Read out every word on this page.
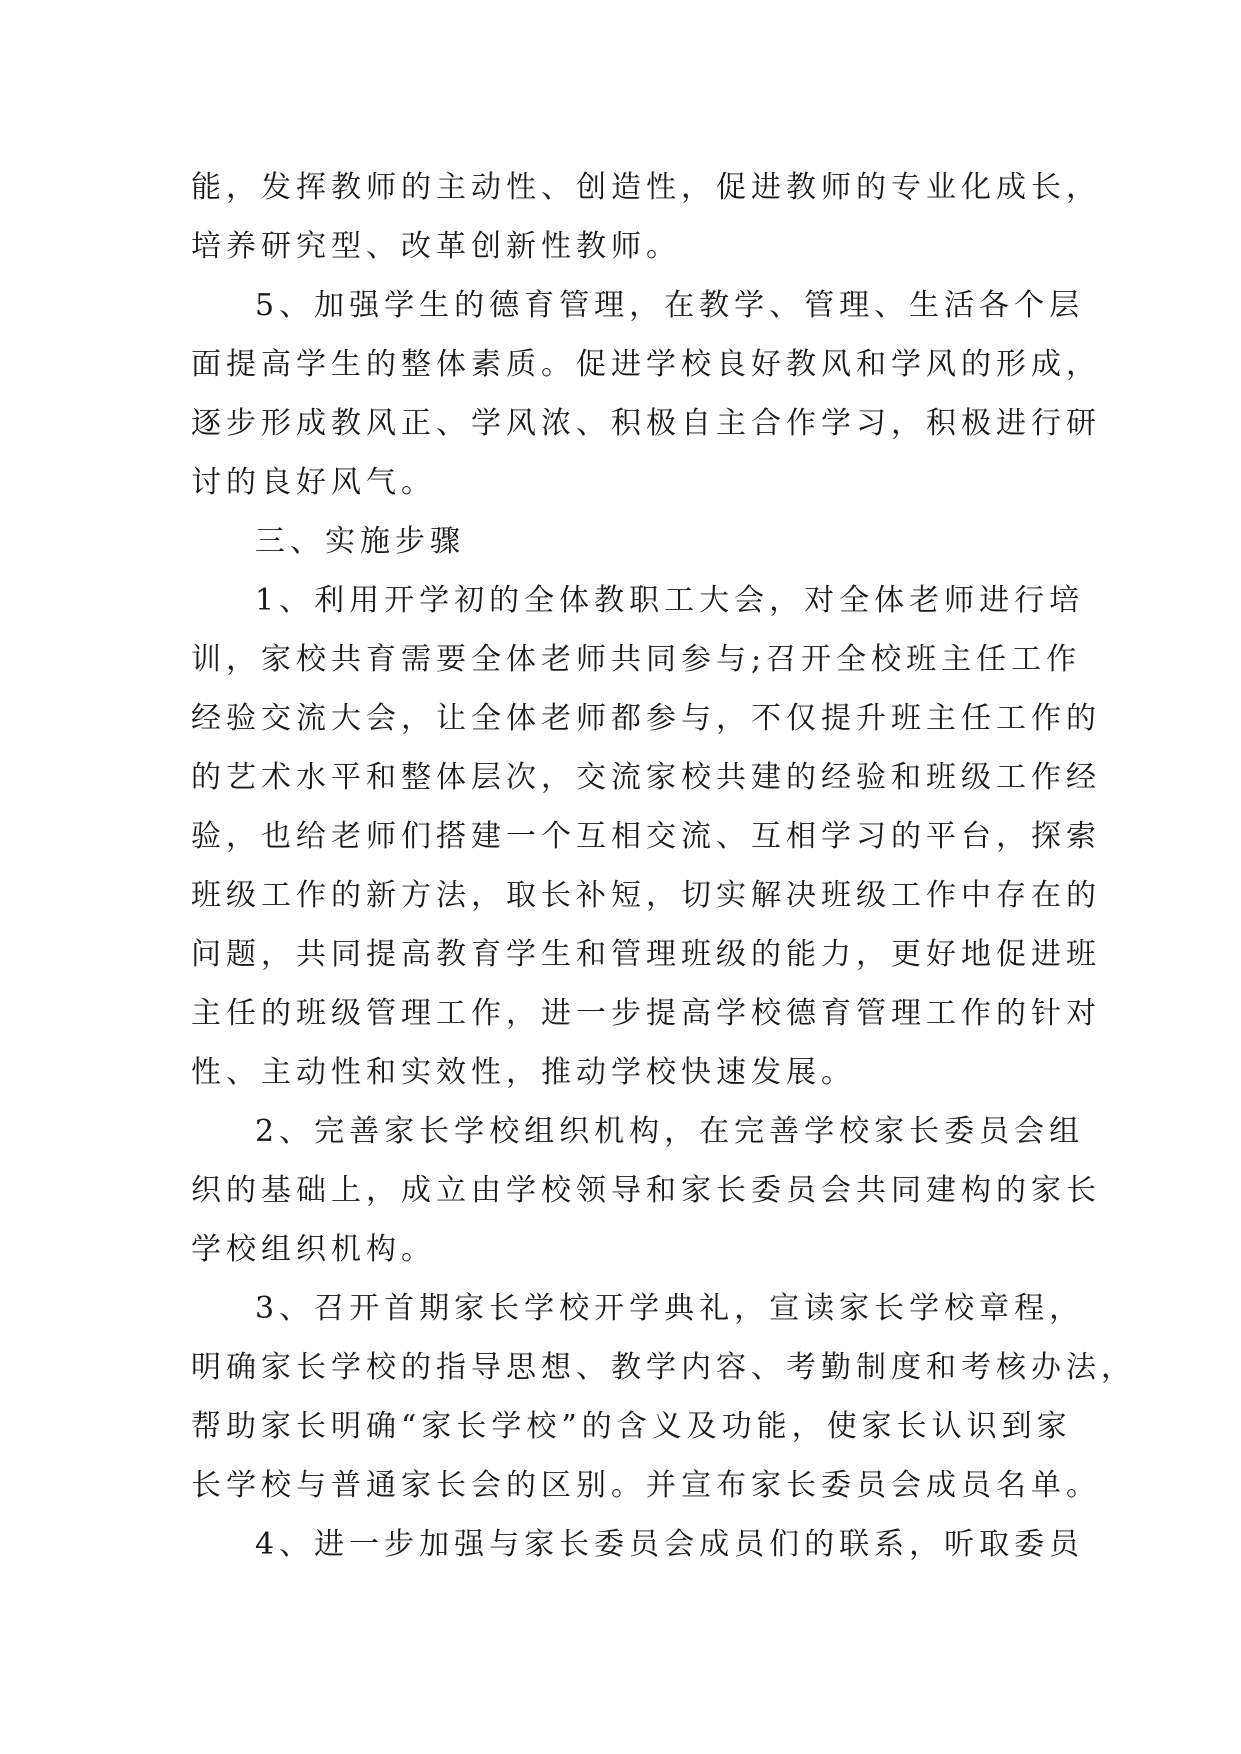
能，发挥教师的主动性、创造性，促进教师的专业化成长，
培养研究型、改革创新性教师。
5、加强学生的德育管理，在教学、管理、生活各个层
面提高学生的整体素质。促进学校良好教风和学风的形成，
逐步形成教风正、学风浓、积极自主合作学习，积极进行研
讨的良好风气。
三、实施步骤
1、利用开学初的全体教职工大会，对全体老师进行培
训，家校共育需要全体老师共同参与;召开全校班主任工作
经验交流大会，让全体老师都参与，不仅提升班主任工作的
的艺术水平和整体层次，交流家校共建的经验和班级工作经
验，也给老师们搭建一个互相交流、互相学习的平台，探索
班级工作的新方法，取长补短，切实解决班级工作中存在的
问题，共同提高教育学生和管理班级的能力，更好地促进班
主任的班级管理工作，进一步提高学校德育管理工作的针对
性、主动性和实效性，推动学校快速发展。
2、完善家长学校组织机构，在完善学校家长委员会组
织的基础上，成立由学校领导和家长委员会共同建构的家长
学校组织机构。
3、召开首期家长学校开学典礼，宣读家长学校章程，
明确家长学校的指导思想、教学内容、考勤制度和考核办法，
帮助家长明确“家长学校”的含义及功能，使家长认识到家
长学校与普通家长会的区别。并宣布家长委员会成员名单。
4、进一步加强与家长委员会成员们的联系，听取委员
